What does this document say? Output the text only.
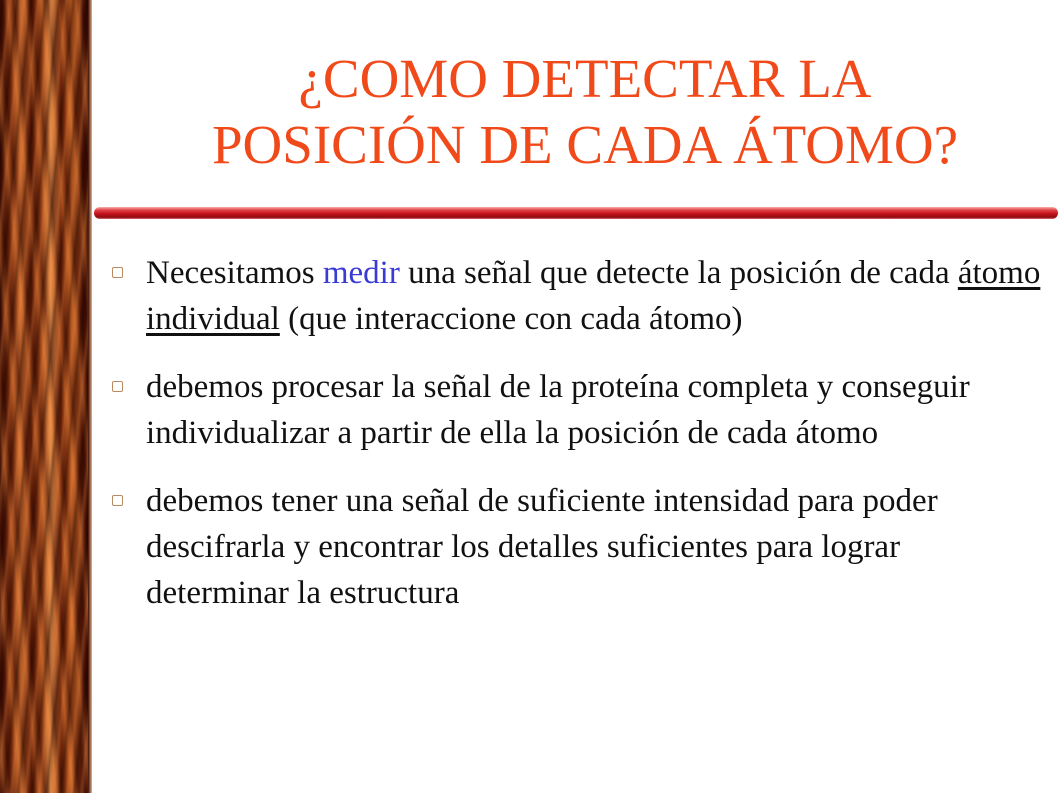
¿COMO DETECTAR LA
POSICIÓN DE CADA ÁTOMO?
Necesitamos medir una señal que detecte la posición de cada átomo individual (que interaccione con cada átomo)
debemos procesar la señal de la proteína completa y conseguir individualizar a partir de ella la posición de cada átomo
debemos tener una señal de suficiente intensidad para poder descifrarla y encontrar los detalles suficientes para lograr determinar la estructura
